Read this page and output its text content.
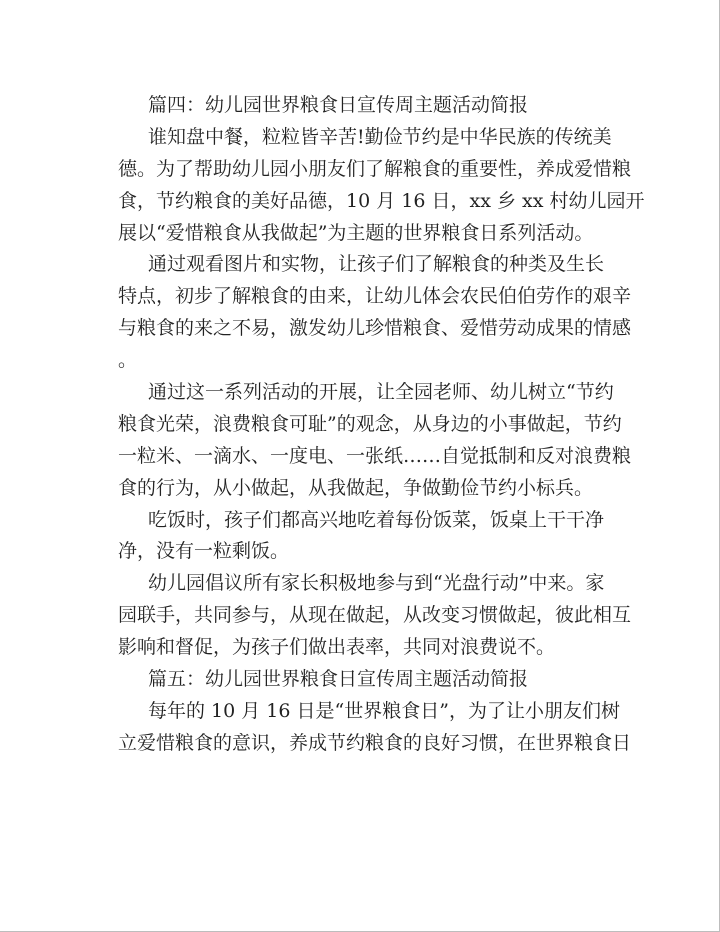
篇四：幼儿园世界粮食日宣传周主题活动简报
谁知盘中餐，粒粒皆辛苦!勤俭节约是中华民族的传统美
德。为了帮助幼儿园小朋友们了解粮食的重要性，养成爱惜粮
食，节约粮食的美好品德，10 月 16 日，xx 乡 xx 村幼儿园开
展以“爱惜粮食从我做起”为主题的世界粮食日系列活动。
通过观看图片和实物，让孩子们了解粮食的种类及生长
特点，初步了解粮食的由来，让幼儿体会农民伯伯劳作的艰辛
与粮食的来之不易，激发幼儿珍惜粮食、爱惜劳动成果的情感
。
通过这一系列活动的开展，让全园老师、幼儿树立“节约
粮食光荣，浪费粮食可耻”的观念，从身边的小事做起，节约
一粒米、一滴水、一度电、一张纸……自觉抵制和反对浪费粮
食的行为，从小做起，从我做起，争做勤俭节约小标兵。
吃饭时，孩子们都高兴地吃着每份饭菜，饭桌上干干净
净，没有一粒剩饭。
幼儿园倡议所有家长积极地参与到“光盘行动”中来。家
园联手，共同参与，从现在做起，从改变习惯做起，彼此相互
影响和督促，为孩子们做出表率，共同对浪费说不。
篇五：幼儿园世界粮食日宣传周主题活动简报
每年的 10 月 16 日是“世界粮食日”，为了让小朋友们树
立爱惜粮食的意识，养成节约粮食的良好习惯，在世界粮食日
